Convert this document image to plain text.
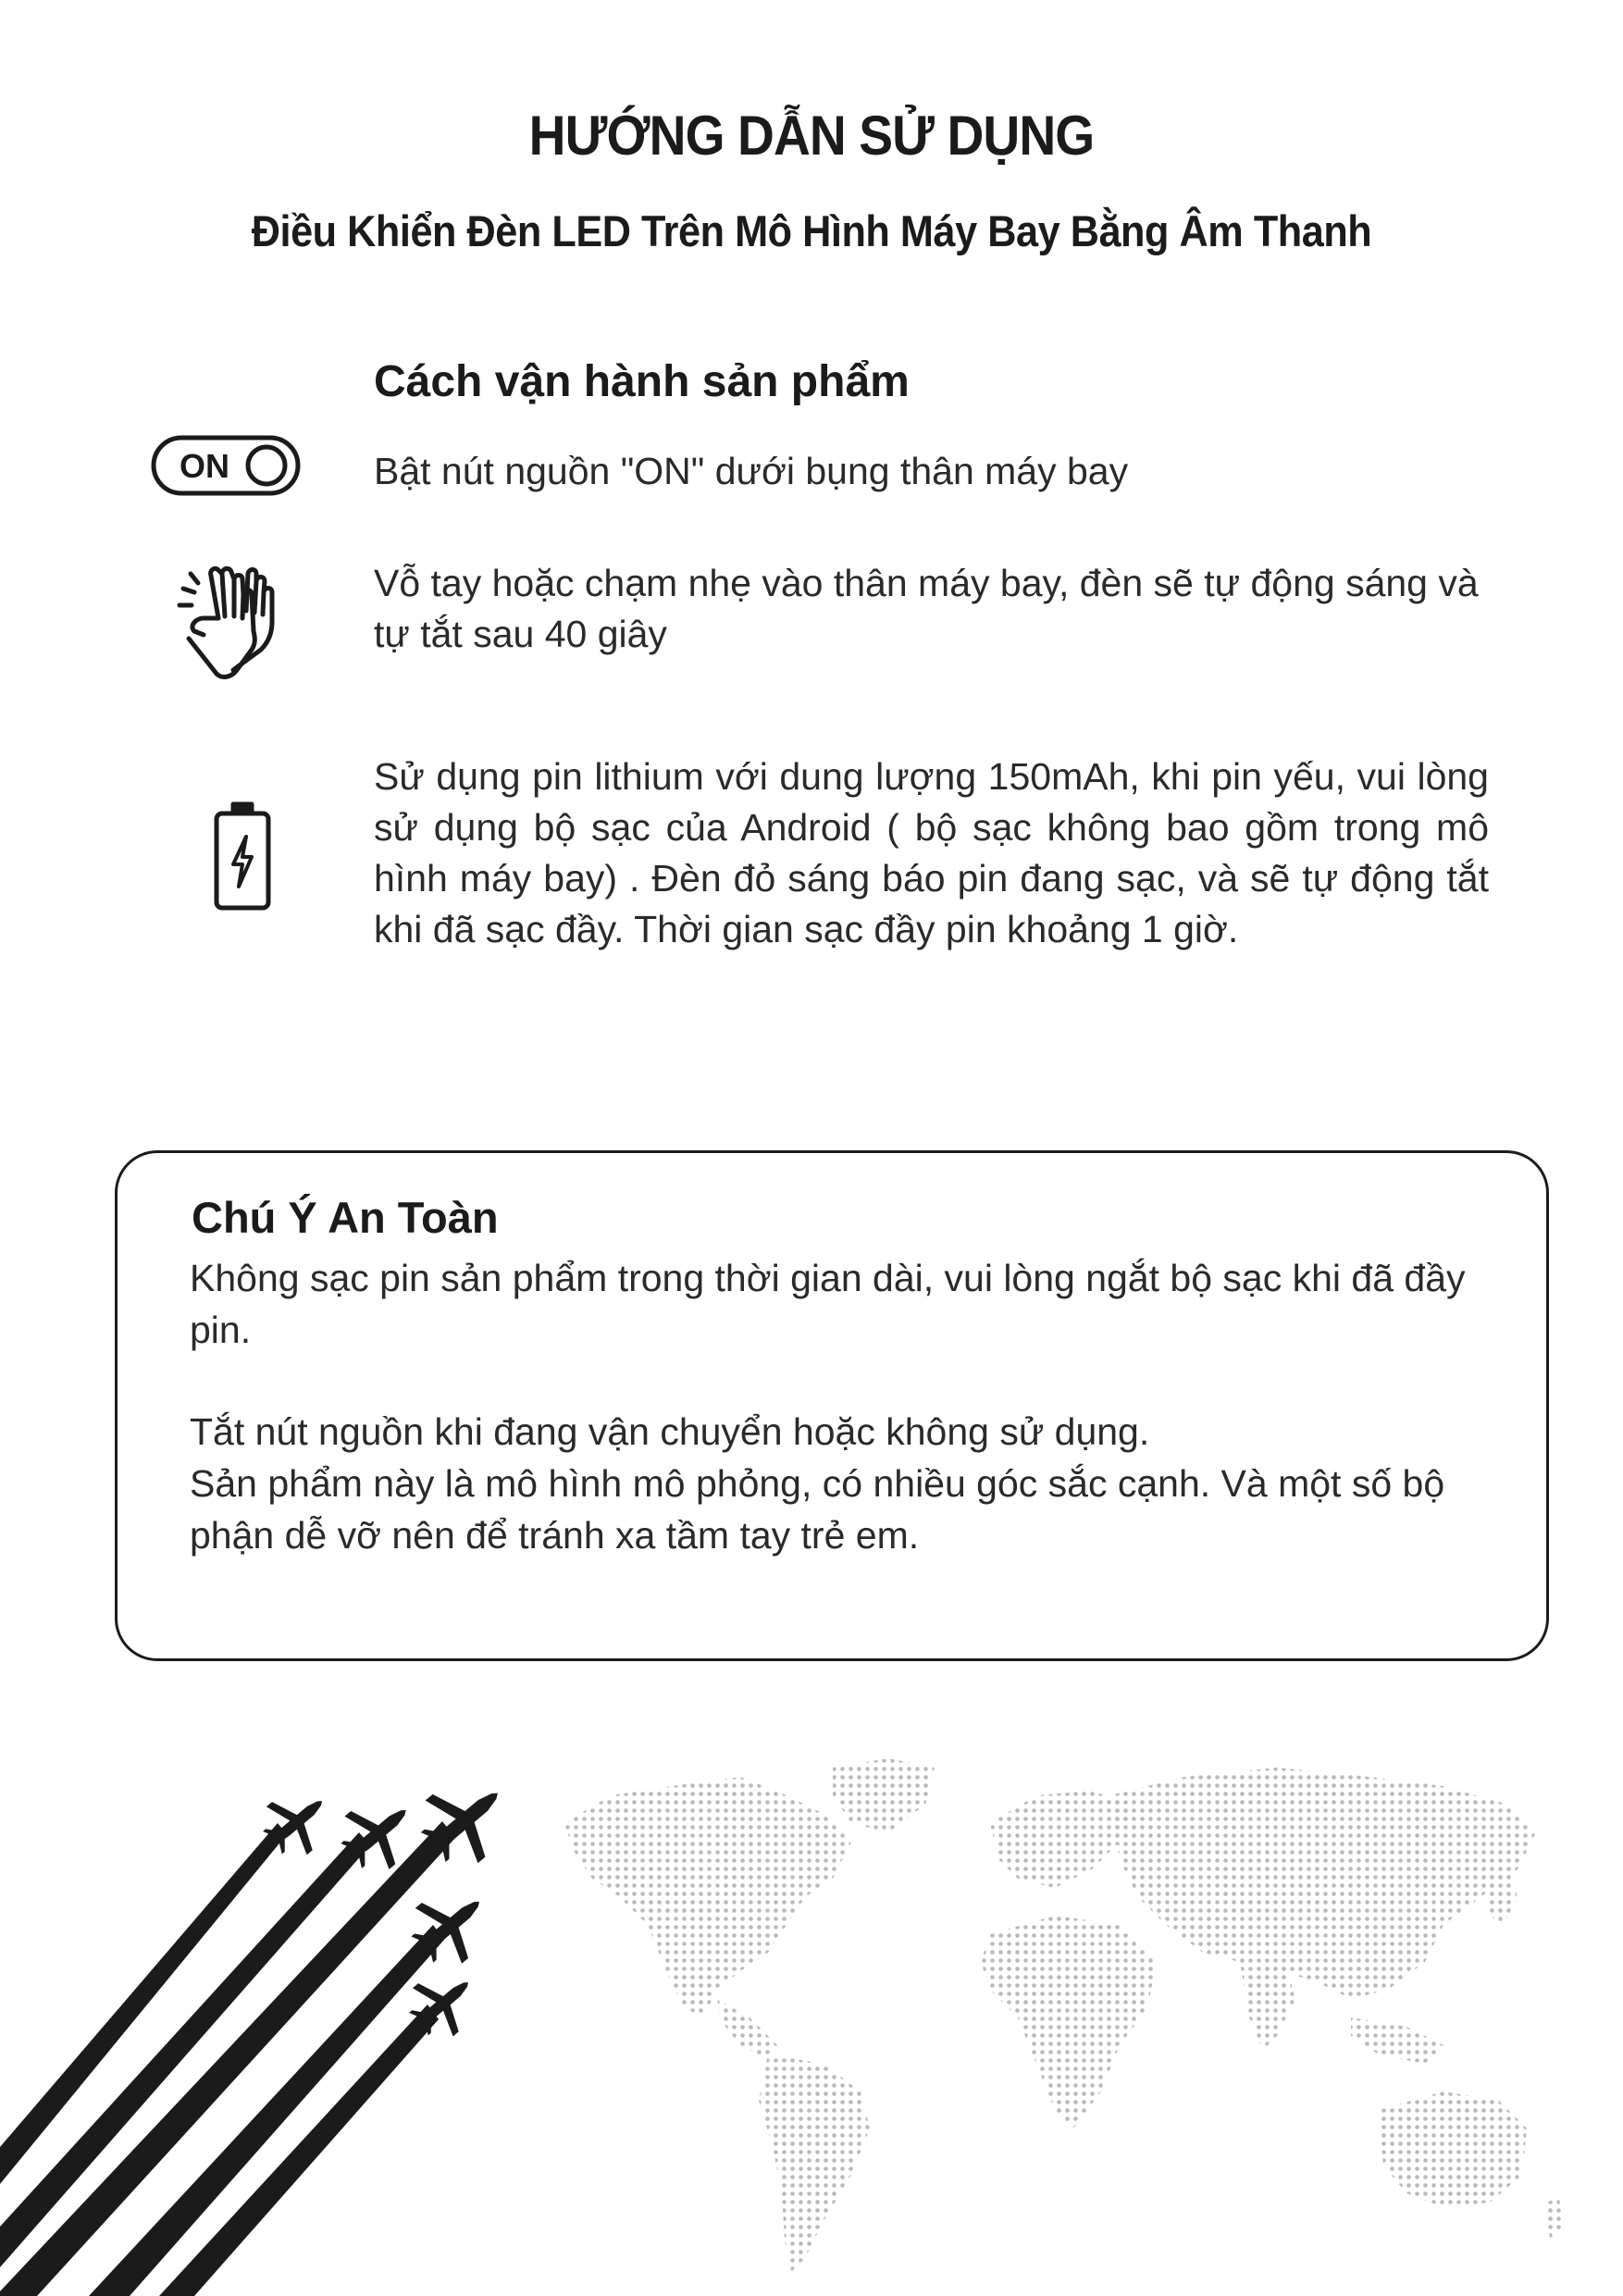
HƯỚNG DẪN SỬ DỤNG
Điều Khiển Đèn LED Trên Mô Hình Máy Bay Bằng Âm Thanh
Cách vận hành sản phẩm
ON	Bật nút nguồn "ON" dưới bụng thân máy bay
Vỗ tay hoặc chạm nhẹ vào thân máy bay, đèn sẽ tự động sáng và tự tắt sau 40 giây
Sử dụng pin lithium với dung lượng 150mAh, khi pin yếu, vui lòng sử dụng bộ sạc của Android ( bộ sạc không bao gồm trong mô hình máy bay) . Đèn đỏ sáng báo pin đang sạc, và sẽ tự động tắt khi đã sạc đầy. Thời gian sạc đầy pin khoảng 1 giờ.
Chú Ý An Toàn
Không sạc pin sản phẩm trong thời gian dài, vui lòng ngắt bộ sạc khi đã đầy pin.
Tắt nút nguồn khi đang vận chuyển hoặc không sử dụng.
Sản phẩm này là mô hình mô phỏng, có nhiều góc sắc cạnh. Và một số bộ phận dễ vỡ nên để tránh xa tầm tay trẻ em.
